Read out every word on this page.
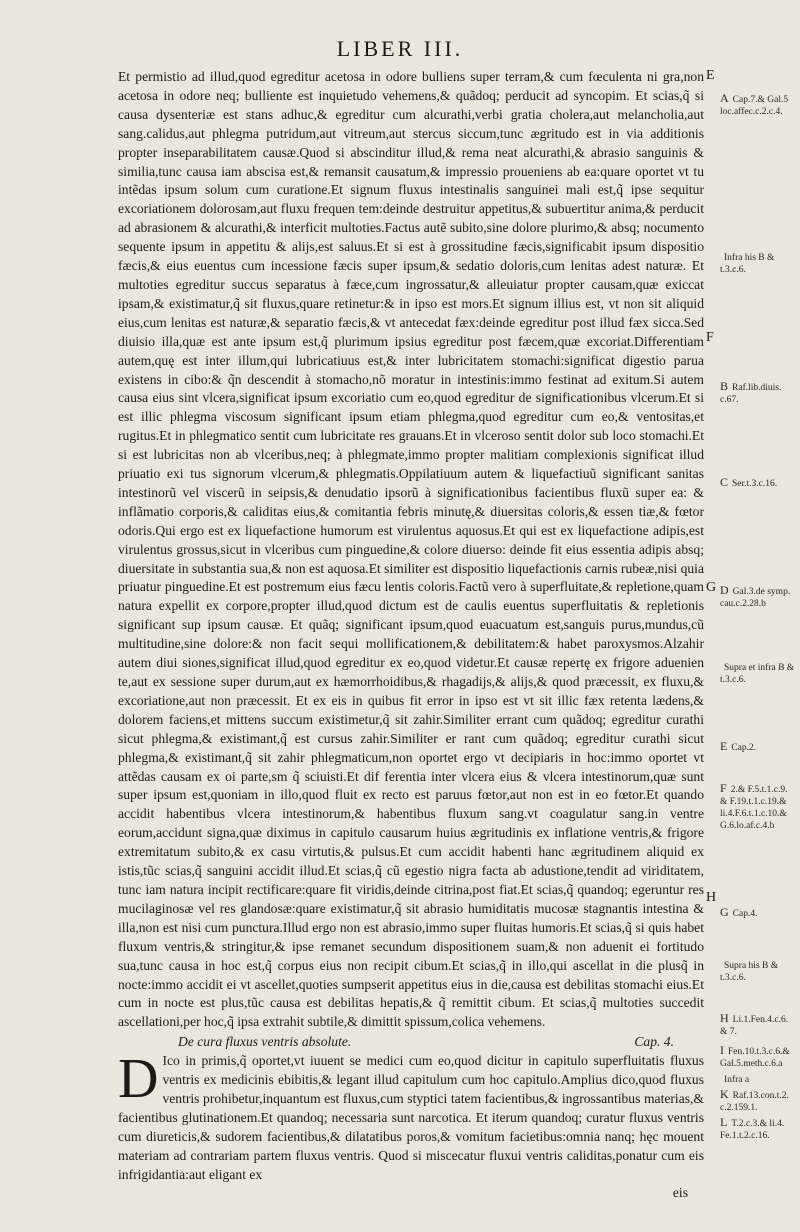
LIBER III.

Et permistio ad illud,quod egreditur acetosa in odore bulliens super terram,& cum fœculenta ni gra,non acetosa in odore neq; bulliente est inquietudo vehemens,& quãdoq; perducit ad syncopim. Et scias,q̃ si causa dysenteriæ est stans adhuc,& egreditur cum alcurathi,verbi gratia cholera,aut melancholia,aut sang.calidus,aut phlegma putridum,aut vitreum,aut stercus siccum,tunc ægritudo est in via additionis propter inseparabilitatem causæ.Quod si abscinditur illud,& rema neat alcurathi,& abrasio sanguinis & similia,tunc causa iam abscisa est,& remansit causatum,& impressio proueniens ab ea:quare oportet vt tu intẽdas ipsum solum cum curatione.Et signum fluxus intestinalis sanguinei mali est,q̃ ipse sequitur excoriationem dolorosam,aut fluxu frequen tem:deinde destruitur appetitus,& subuertitur anima,& perducit ad abrasionem & alcurathi,& interficit multoties.Factus autẽ subito,sine dolore plurimo,& absq; nocumento sequente ipsum in appetitu & alijs,est saluus.Et si est à grossitudine fæcis,significabit ipsum dispositio fæcis,& eius euentus cum incessione fæcis super ipsum,& sedatio doloris,cum lenitas adest naturæ. Et multoties egreditur succus separatus à fæce,cum ingrossatur,& alleuiatur propter causam,quæ exiccat ipsam,& existimatur,q̃ sit fluxus,quare retinetur:& in ipso est mors.Et signum illius est, vt non sit aliquid eius,cum lenitas est naturæ,& separatio fæcis,& vt antecedat fæx:deinde egreditur post illud fæx sicca.Sed diuisio illa,quæ est ante ipsum est,q̃ plurimum ipsius egreditur post fæcem,quæ excoriat.Differentiam autem,quę est inter illum,qui lubricatiuus est,& inter lubricitatem stomachi:significat digestio parua existens in cibo:& q̃n descendit à stomacho,nõ moratur in intestinis:immo festinat ad exitum.Si autem causa eius sint vlcera,significat ipsum excoriatio cum eo,quod egreditur de significationibus vlcerum.Et si est illic phlegma viscosum significant ipsum etiam phlegma,quod egreditur cum eo,& ventositas,et rugitus.Et in phlegmatico sentit cum lubricitate res grauans.Et in vlceroso sentit dolor sub loco stomachi.Et si est lubricitas non ab vlceribus,neq; à phlegmate,immo propter malitiam complexionis significat illud priuatio exi tus signorum vlcerum,& phlegmatis.Oppilatiuum autem & liquefactiuũ significant sanitas intestinorũ vel viscerũ in seipsis,& denudatio ipsorũ à significationibus facientibus fluxũ super ea: & inflãmatio corporis,& caliditas eius,& comitantia febris minutę,& diuersitas coloris,& essen tiæ,& fœtor odoris.Qui ergo est ex liquefactione humorum est virulentus aquosus.Et qui est ex liquefactione adipis,est virulentus grossus,sicut in vlceribus cum pinguedine,& colore diuerso: deinde fit eius essentia adipis absq; diuersitate in substantia sua,& non est aquosa.Et similiter est dispositio liquefactionis carnis rubeæ,nisi quia priuatur pinguedine.Et est postremum eius fæcu lentis coloris.Factũ vero à superfluitate,& repletione,quam natura expellit ex corpore,propter illud,quod dictum est de caulis euentus superfluitatis & repletionis significant sup ipsum causæ. Et quãq; significant ipsum,quod euacuatum est,sanguis purus,mundus,cũ multitudine,sine dolore:& non facit sequi mollificationem,& debilitatem:& habet paroxysmos.Alzahir autem diui siones,significat illud,quod egreditur ex eo,quod videtur.Et causæ repertę ex frigore aduenien te,aut ex sessione super durum,aut ex hæmorrhoidibus,& rhagadijs,& alijs,& quod præcessit, ex fluxu,& excoriatione,aut non præcessit. Et ex eis in quibus fit error in ipso est vt sit illic fæx retenta lædens,& dolorem faciens,et mittens succum existimetur,q̃ sit zahir.Similiter errant cum quãdoq; egreditur curathi sicut phlegma,& existimant,q̃ est cursus zahir.Similiter er rant cum quãdoq; egreditur curathi sicut phlegma,& existimant,q̃ sit zahir phlegmaticum,non oportet ergo vt decipiaris in hoc:immo oportet vt attẽdas causam ex oi parte,sm q̃ sciuisti.Et dif ferentia inter vlcera eius & vlcera intestinorum,quæ sunt super ipsum est,quoniam in illo,quod fluit ex recto est paruus fœtor,aut non est in eo fœtor.Et quando accidit habentibus vlcera intestinorum,& habentibus fluxum sang.vt coagulatur sang.in ventre eorum,accidunt signa,quæ diximus in capitulo causarum huius ægritudinis ex inflatione ventris,& frigore extremitatum subito,& ex casu virtutis,& pulsus.Et cum accidit habenti hanc ægritudinem aliquid ex istis,tũc scias,q̃ sanguini accidit illud.Et scias,q̃ cũ egestio nigra facta ab adustione,tendit ad viriditatem, tunc iam natura incipit rectificare:quare fit viridis,deinde citrina,post fiat.Et scias,q̃ quandoq; egeruntur res mucilaginosæ vel res glandosæ:quare existimatur,q̃ sit abrasio humiditatis mucosæ stagnantis intestina & illa,non est nisi cum punctura.Illud ergo non est abrasio,immo super fluitas humoris.Et scias,q̃ si quis habet fluxum ventris,& stringitur,& ipse remanet secundum dispositionem suam,& non aduenit ei fortitudo sua,tunc causa in hoc est,q̃ corpus eius non recipit cibum.Et scias,q̃ in illo,qui ascellat in die plusq̃ in nocte:immo accidit ei vt ascellet,quoties sumpserit appetitus eius in die,causa est debilitas stomachi eius.Et cum in nocte est plus,tũc causa est debilitas hepatis,& q̃ remittit cibum. Et scias,q̃ multoties succedit ascellationi,per hoc,q̃ ipsa extrahit subtile,& dimittit spissum,colica vehemens.

De cura fluxus ventris absolute.	Cap. 4.

D Ico in primis,q̃ oportet,vt iuuent se medici cum eo,quod dicitur in capitulo superfluitatis fluxus ventris ex medicinis ebibitis,& legant illud capitulum cum hoc capitulo.Amplius dico,quod fluxus ventris prohibetur,inquantum est fluxus,cum styptici tatem facientibus,& ingrossantibus materias,& facientibus glutinationem.Et quandoq; necessaria sunt narcotica. Et iterum quandoq; curatur fluxus ventris cum diureticis,& sudorem facientibus,& dilatatibus poros,& vomitum facietibus:omnia nanq; hęc mouent materiam ad contrariam partem fluxus ventris. Quod si miscecatur fluxui ventris caliditas,ponatur cum eis infrigidantia:aut eligant ex

eis
E
F
G
H
A Cap.7.& Gal.5 loc.affec.c.2.c.4.
Infra his B & t.3.c.6.
B Raf.lib.diuis. c.67.
C Ser.t.3.c.16.
D Gal.3.de symp. cau.c.2.28.b
Supra et infra B & t.3.c.6.
E Cap.2.
F 2.& F.5.t.1.c.9. & F.19.t.1.c.19.& li.4.F.6.t.1.c.10.& G.6.lo.af.c.4.b
G Cap.4.
Supra his B & t.3.c.6.
H Li.1.Fen.4.c.6. & 7.
I Fen.10.t.3.c.6.& Gal.5.meth.c.6.a
Infra a
K Raf.13.con.t.2. c.2.159.1.
L T.2.c.3.& li.4. Fe.1.t.2.c.16.
